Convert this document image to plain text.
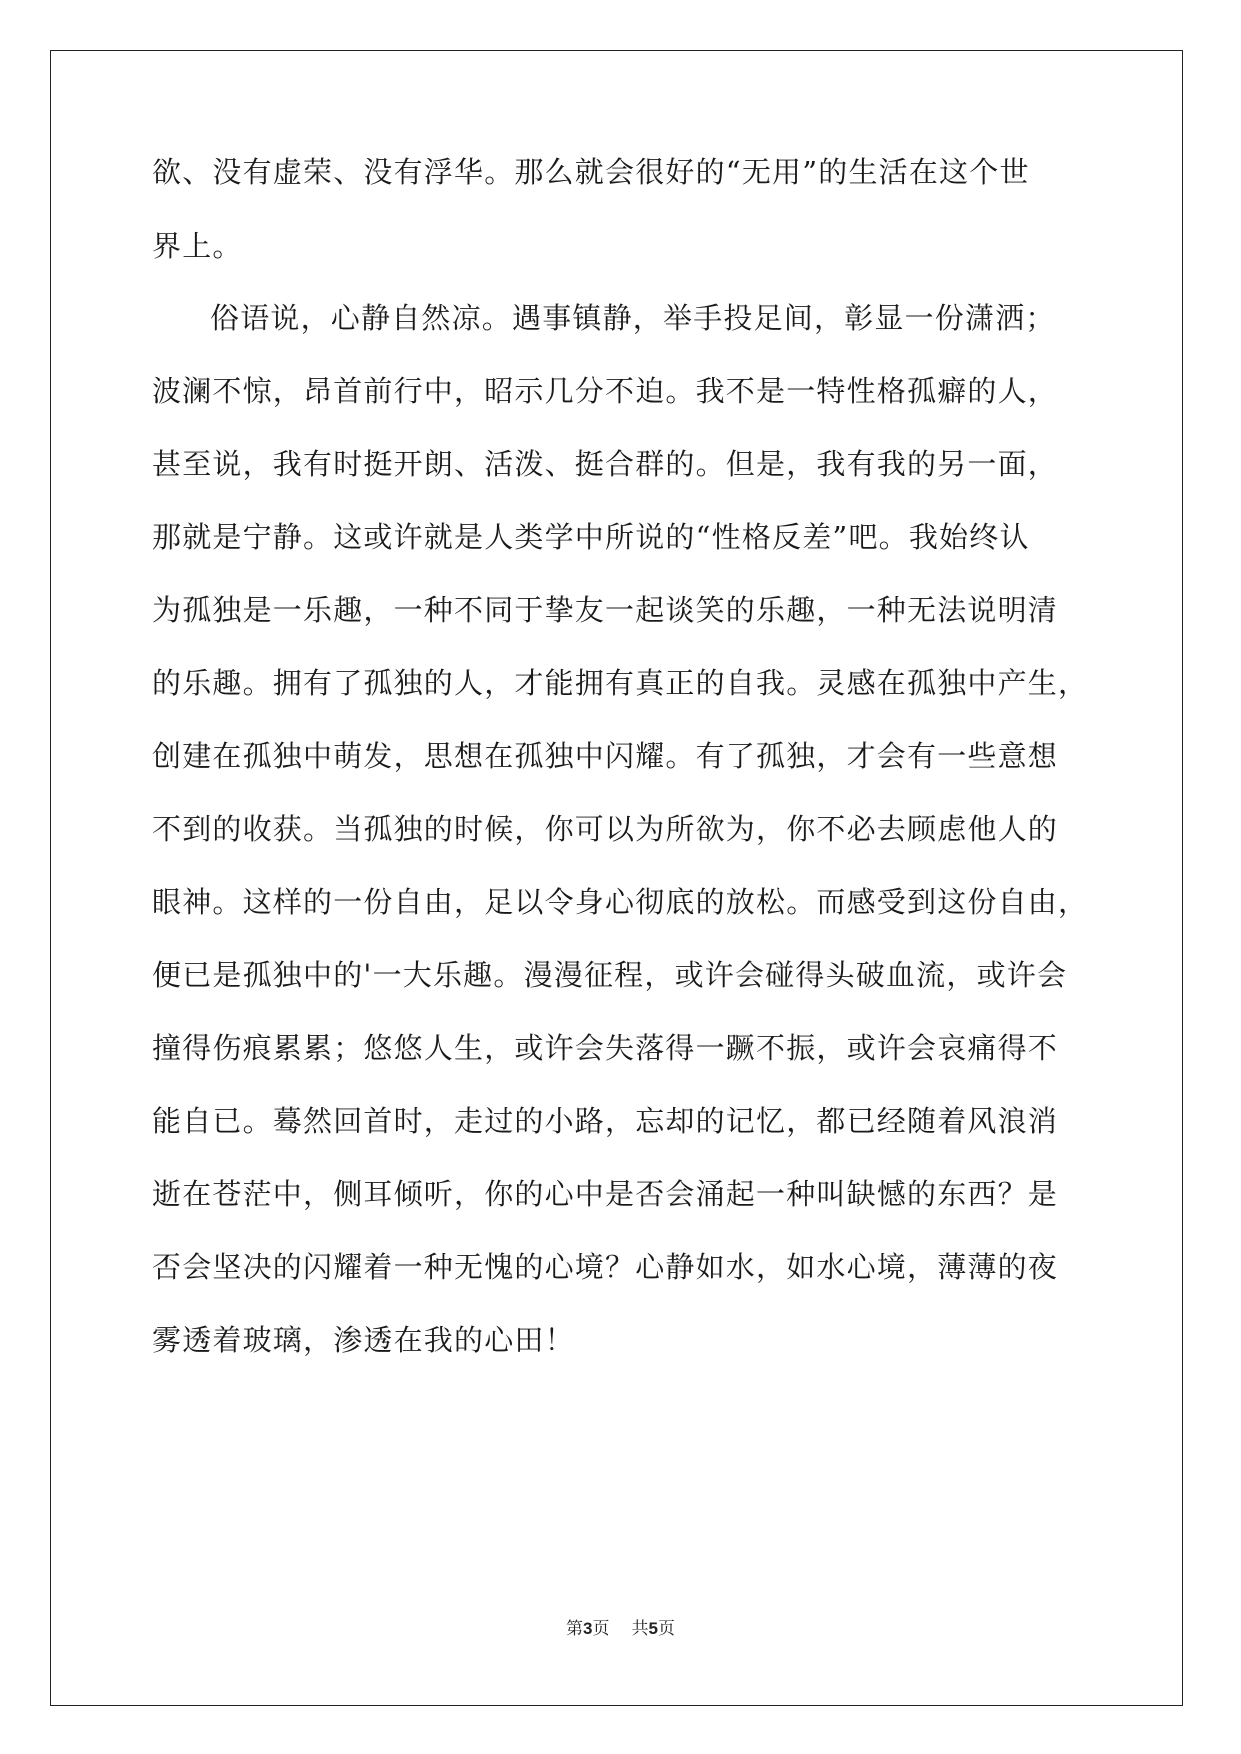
欲、没有虚荣、没有浮华。那么就会很好的“无用”的生活在这个世
界上。
俗语说，心静自然凉。遇事镇静，举手投足间，彰显一份潇洒；
波澜不惊，昂首前行中，昭示几分不迫。我不是一特性格孤癖的人，
甚至说，我有时挺开朗、活泼、挺合群的。但是，我有我的另一面，
那就是宁静。这或许就是人类学中所说的“性格反差”吧。我始终认
为孤独是一乐趣，一种不同于挚友一起谈笑的乐趣，一种无法说明清
的乐趣。拥有了孤独的人，才能拥有真正的自我。灵感在孤独中产生，
创建在孤独中萌发，思想在孤独中闪耀。有了孤独，才会有一些意想
不到的收获。当孤独的时候，你可以为所欲为，你不必去顾虑他人的
眼神。这样的一份自由，足以令身心彻底的放松。而感受到这份自由，
便已是孤独中的'一大乐趣。漫漫征程，或许会碰得头破血流，或许会
撞得伤痕累累；悠悠人生，或许会失落得一蹶不振，或许会哀痛得不
能自已。蓦然回首时，走过的小路，忘却的记忆，都已经随着风浪消
逝在苍茫中，侧耳倾听，你的心中是否会涌起一种叫缺憾的东西？是
否会坚决的闪耀着一种无愧的心境？心静如水，如水心境，薄薄的夜
雾透着玻璃，渗透在我的心田！
第3页 共5页
